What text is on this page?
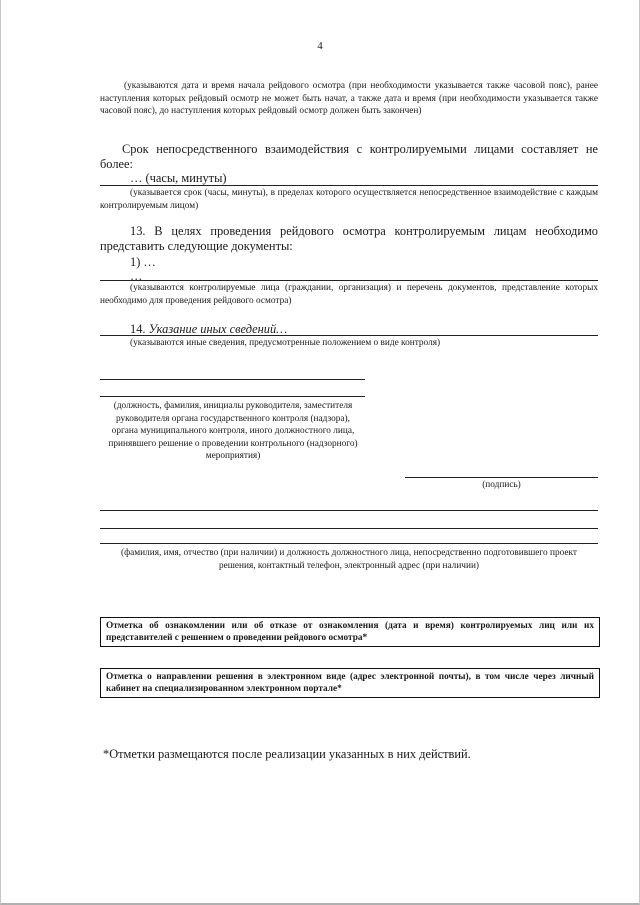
4
(указываются дата и время начала рейдового осмотра (при необходимости указывается также часовой пояс), ранее наступления которых рейдовый осмотр не может быть начат, а также дата и время (при необходимости указывается также часовой пояс), до наступления которых рейдовый осмотр должен быть закончен)
Срок непосредственного взаимодействия с контролируемыми лицами составляет не более:
… (часы, минуты)
(указывается срок (часы, минуты), в пределах которого осуществляется непосредственное взаимодействие с каждым контролируемым лицом)
13. В целях проведения рейдового осмотра контролируемым лицам необходимо представить следующие документы:
1) …
…
(указываются контролируемые лица (граждании, организация) и перечень документов, представление которых необходимо для проведения рейдового осмотра)
14. Указание иных сведений…
(указываются иные сведения, предусмотренные положением о виде контроля)
(должность, фамилия, инициалы руководителя, заместителя руководителя органа государственного контроля (надзора), органа муниципального контроля, иного должностного лица, принявшего решение о проведении контрольного (надзорного) мероприятия)
(подпись)
(фамилия, имя, отчество (при наличии) и должность должностного лица, непосредственно подготовившего проект решения, контактный телефон, электронный адрес (при наличии)
Отметка об ознакомлении или об отказе от ознакомления (дата и время) контролируемых лиц или их представителей с решением о проведении рейдового осмотра*
Отметка о направлении решения в электронном виде (адрес электронной почты), в том числе через личный кабинет на специализированном электронном портале*
*Отметки размещаются после реализации указанных в них действий.
